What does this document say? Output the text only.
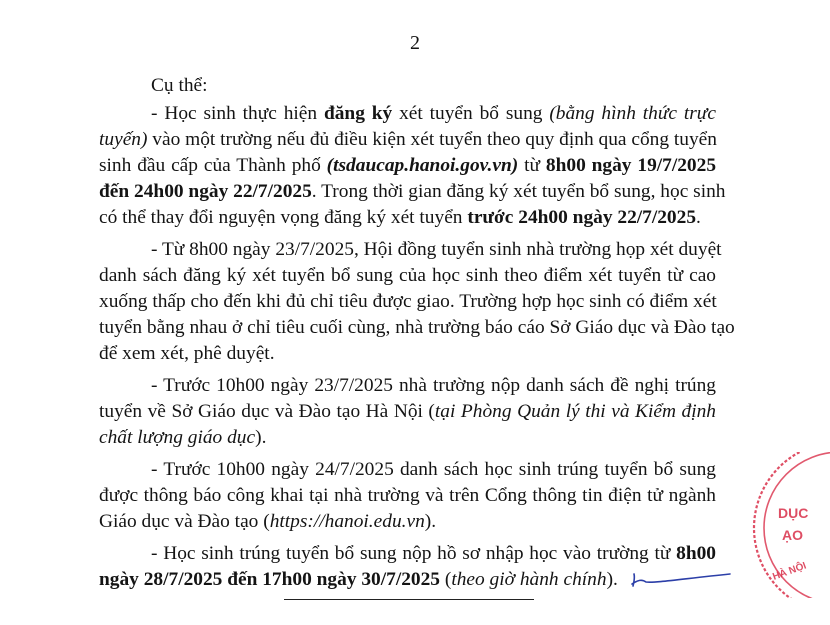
2
Cụ thể:
- Học sinh thực hiện đăng ký xét tuyển bổ sung (bằng hình thức trực
tuyến) vào một trường nếu đủ điều kiện xét tuyển theo quy định qua cổng tuyển
sinh đầu cấp của Thành phố (tsdaucap.hanoi.gov.vn) từ 8h00 ngày 19/7/2025
đến 24h00 ngày 22/7/2025. Trong thời gian đăng ký xét tuyển bổ sung, học sinh
có thể thay đổi nguyện vọng đăng ký xét tuyển trước 24h00 ngày 22/7/2025.
- Từ 8h00 ngày 23/7/2025, Hội đồng tuyển sinh nhà trường họp xét duyệt
danh sách đăng ký xét tuyển bổ sung của học sinh theo điểm xét tuyển từ cao
xuống thấp cho đến khi đủ chỉ tiêu được giao. Trường hợp học sinh có điểm xét
tuyển bằng nhau ở chỉ tiêu cuối cùng, nhà trường báo cáo Sở Giáo dục và Đào tạo
để xem xét, phê duyệt.
- Trước 10h00 ngày 23/7/2025 nhà trường nộp danh sách đề nghị trúng
tuyển về Sở Giáo dục và Đào tạo Hà Nội (tại Phòng Quản lý thi và Kiểm định
chất lượng giáo dục).
- Trước 10h00 ngày 24/7/2025 danh sách học sinh trúng tuyển bổ sung
được thông báo công khai tại nhà trường và trên Cổng thông tin điện tử ngành
Giáo dục và Đào tạo (https://hanoi.edu.vn).
- Học sinh trúng tuyển bổ sung nộp hồ sơ nhập học vào trường từ 8h00
ngày 28/7/2025 đến 17h00 ngày 30/7/2025 (theo giờ hành chính).
DỤC
ẠO
HÀ NỘI
